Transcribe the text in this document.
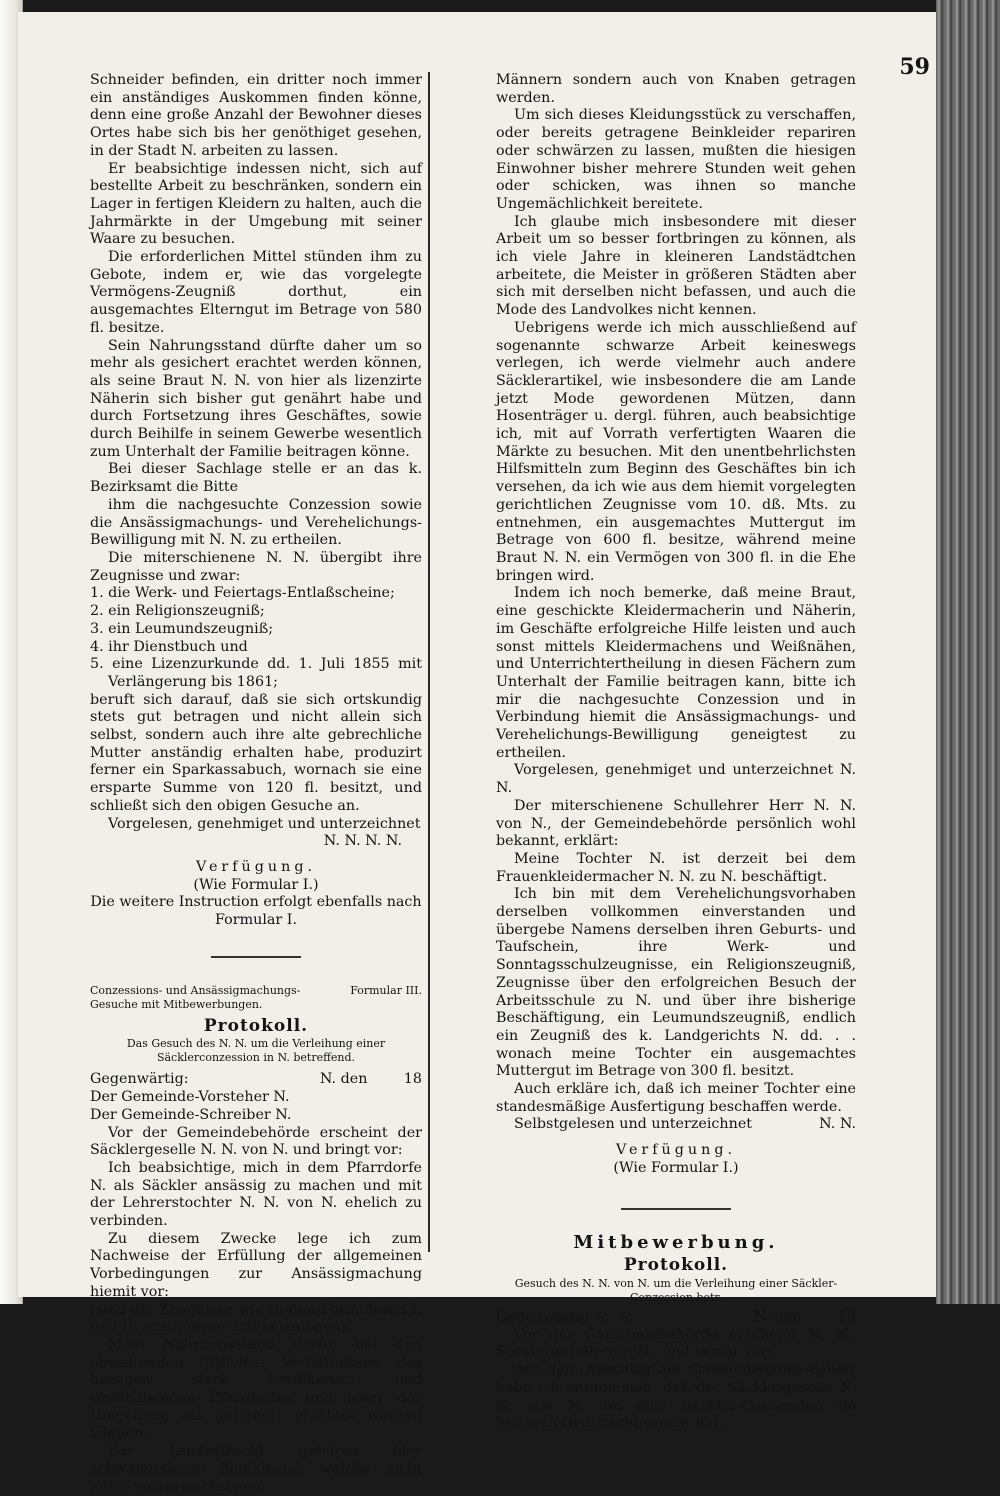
59

Schneider befinden, ein dritter noch immer ein anständiges Auskommen finden könne, denn eine große Anzahl der Bewohner dieses Ortes habe sich bis her genöthiget gesehen, in der Stadt N. arbeiten zu lassen.

Er beabsichtige indessen nicht, sich auf bestellte Arbeit zu beschränken, sondern ein Lager in fertigen Kleidern zu halten, auch die Jahrmärkte in der Umgebung mit seiner Waare zu besuchen.

Die erforderlichen Mittel stünden ihm zu Gebote, indem er, wie das vorgelegte Vermögens-Zeugniß dorthut, ein ausgemachtes Elterngut im Betrage von 580 fl. besitze.

Sein Nahrungsstand dürfte daher um so mehr als gesichert erachtet werden können, als seine Braut N. N. von hier als lizenzirte Näherin sich bisher gut genährt habe und durch Fortsetzung ihres Geschäftes, sowie durch Beihilfe in seinem Gewerbe wesentlich zum Unterhalt der Familie beitragen könne.

Bei dieser Sachlage stelle er an das k. Bezirksamt die Bitte

ihm die nachgesuchte Conzession sowie die Ansässigmachungs- und Verehelichungs-Bewilligung mit N. N. zu ertheilen.

Die miterschienene N. N. übergibt ihre Zeugnisse und zwar:

1. die Werk- und Feiertags-Entlaßscheine;

2. ein Religionszeugniß;

3. ein Leumundszeugniß;

4. ihr Dienstbuch und

5. eine Lizenzurkunde dd. 1. Juli 1855 mit Verlängerung bis 1861;

beruft sich darauf, daß sie sich ortskundig stets gut betragen und nicht allein sich selbst, sondern auch ihre alte gebrechliche Mutter anständig erhalten habe, produzirt ferner ein Sparkassabuch, wornach sie eine ersparte Summe von 120 fl. besitzt, und schließt sich den obigen Gesuche an.

Vorgelesen, genehmiget und unterzeichnet

N. N. N. N.

Verfügung.

(Wie Formular I.)

Die weitere Instruction erfolgt ebenfalls nach Formular I.

Conzessions- und Ansässigmachungs-Gesuche mit Mitbewerbungen.
Formular III.
Protokoll.

Das Gesuch des N. N. um die Verleihung einer Säcklerconzession in N. betreffend.

Gegenwärtig:	N. den	18

Der Gemeinde-Vorsteher N.

Der Gemeinde-Schreiber N.

Vor der Gemeindebehörde erscheint der Säcklergeselle N. N. von N. und bringt vor:

Ich beabsichtige, mich in dem Pfarrdorfe N. als Säckler ansässig zu machen und mit der Lehrerstochter N. N. von N. ehelich zu verbinden.

Zu diesem Zwecke lege ich zum Nachweise der Erfüllung der allgemeinen Vorbedingungen zur Ansässigmachung hiemit vor:

(sind die Zeugnisse wie in den Formularen I. und II. anzuführen und beizulegen).

Mein Nahrungsstand dürfte bei den obwaltenden örtlichen Verhältnissen des hiesigen stark bevölkerten und wohlhabenden Pfarrdorfes und jener der Umgebung als gesichert erachtet werden können.

Zur Landestracht gehören hier schwarzlederne Beinkleider, welche nicht allein von erwachsenen

Männern sondern auch von Knaben getragen werden.

Um sich dieses Kleidungsstück zu verschaffen, oder bereits getragene Beinkleider repariren oder schwärzen zu lassen, mußten die hiesigen Einwohner bisher mehrere Stunden weit gehen oder schicken, was ihnen so manche Ungemächlichkeit bereitete.

Ich glaube mich insbesondere mit dieser Arbeit um so besser fortbringen zu können, als ich viele Jahre in kleineren Landstädtchen arbeitete, die Meister in größeren Städten aber sich mit derselben nicht befassen, und auch die Mode des Landvolkes nicht kennen.

Uebrigens werde ich mich ausschließend auf sogenannte schwarze Arbeit keineswegs verlegen, ich werde vielmehr auch andere Säcklerartikel, wie insbesondere die am Lande jetzt Mode gewordenen Mützen, dann Hosenträger u. dergl. führen, auch beabsichtige ich, mit auf Vorrath verfertigten Waaren die Märkte zu besuchen. Mit den unentbehrlichsten Hilfsmitteln zum Beginn des Geschäftes bin ich versehen, da ich wie aus dem hiemit vorgelegten gerichtlichen Zeugnisse vom 10. dß. Mts. zu entnehmen, ein ausgemachtes Muttergut im Betrage von 600 fl. besitze, während meine Braut N. N. ein Vermögen von 300 fl. in die Ehe bringen wird.

Indem ich noch bemerke, daß meine Braut, eine geschickte Kleidermacherin und Näherin, im Geschäfte erfolgreiche Hilfe leisten und auch sonst mittels Kleidermachens und Weißnähen, und Unterrichtertheilung in diesen Fächern zum Unterhalt der Familie beitragen kann, bitte ich mir die nachgesuchte Conzession und in Verbindung hiemit die Ansässigmachungs- und Verehelichungs-Bewilligung geneigtest zu ertheilen.

Vorgelesen, genehmiget und unterzeichnet N. N.

Der miterschienene Schullehrer Herr N. N. von N., der Gemeindebehörde persönlich wohl bekannt, erklärt:

Meine Tochter N. ist derzeit bei dem Frauenkleidermacher N. N. zu N. beschäftigt.

Ich bin mit dem Verehelichungsvorhaben derselben vollkommen einverstanden und übergebe Namens derselben ihren Geburts- und Taufschein, ihre Werk- und Sonntagsschulzeugnisse, ein Religionszeugniß, Zeugnisse über den erfolgreichen Besuch der Arbeitsschule zu N. und über ihre bisherige Beschäftigung, ein Leumundszeugniß, endlich ein Zeugniß des k. Landgerichts N. dd. . . wonach meine Tochter ein ausgemachtes Muttergut im Betrage von 300 fl. besitzt.

Auch erkläre ich, daß ich meiner Tochter eine standesmäßige Ausfertigung beschaffen werde.

Selbstgelesen und unterzeichnet	N. N.

Verfügung.

(Wie Formular I.)

Mitbewerbung.
Protokoll.

Gesuch des N. N. von N. um die Verleihung einer Säckler-Conzession betr.

Gegenwärtig ꝛc. ꝛc.	N. den	18

Vor der Gemeindebehörde erscheint N. N., Säcklergeselle von N., und bringt vor:

Aus dem Anschlag am Gemeindehause dahier habe ich entnommen, daß der Säcklergeselle N. N. von N. um eine Säckler-Conzession im hiesigen Orte nachgesucht hat.
